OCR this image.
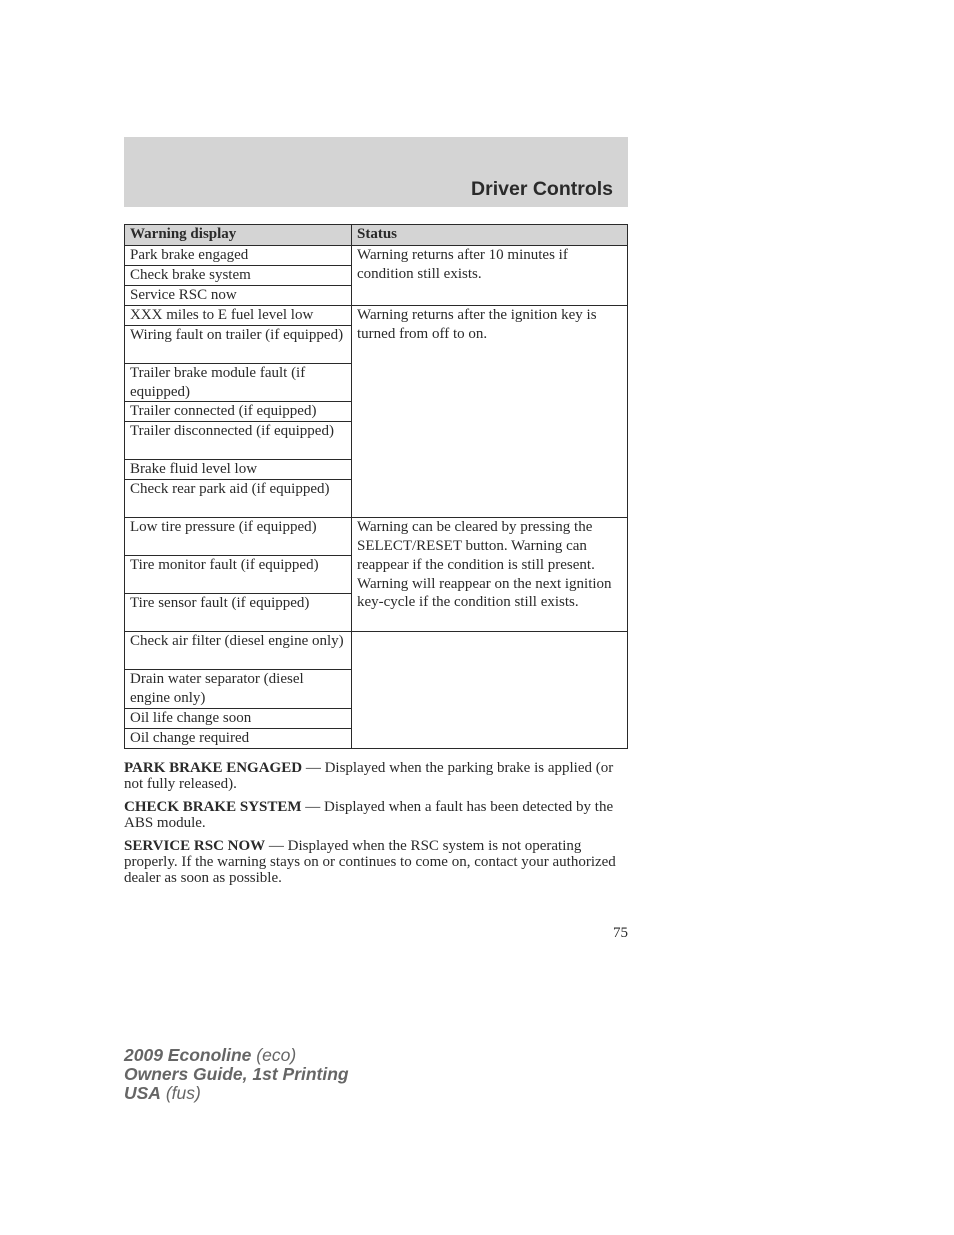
Driver Controls
Warning display	Status
Park brake engaged	Warning returns after 10 minutes if condition still exists.
Check brake system	
Service RSC now	
XXX miles to E fuel level low	Warning returns after the ignition key is turned from off to on.
Wiring fault on trailer (if equipped)	
Trailer brake module fault (if equipped)	
Trailer connected (if equipped)	
Trailer disconnected (if equipped)	
Brake fluid level low	
Check rear park aid (if equipped)	
Low tire pressure (if equipped)	Warning can be cleared by pressing the SELECT/RESET button. Warning can reappear if the condition is still present. Warning will reappear on the next ignition key-cycle if the condition still exists.
Tire monitor fault (if equipped)	
Tire sensor fault (if equipped)	
Check air filter (diesel engine only)	
Drain water separator (diesel engine only)	
Oil life change soon	
Oil change required	

PARK BRAKE ENGAGED — Displayed when the parking brake is applied (or not fully released).

CHECK BRAKE SYSTEM — Displayed when a fault has been detected by the ABS module.

SERVICE RSC NOW — Displayed when the RSC system is not operating properly. If the warning stays on or continues to come on, contact your authorized dealer as soon as possible.

75
2009 Econoline (eco)
Owners Guide, 1st Printing
USA (fus)
